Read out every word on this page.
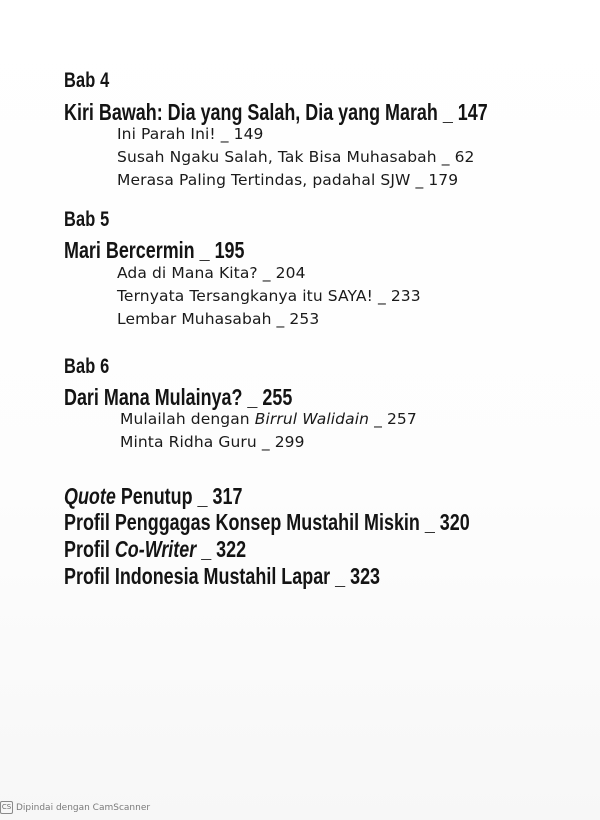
Bab 4
Kiri Bawah: Dia yang Salah, Dia yang Marah _ 147
Ini Parah Ini! _ 149
Susah Ngaku Salah, Tak Bisa Muhasabah _ 62
Merasa Paling Tertindas, padahal SJW _ 179
Bab 5
Mari Bercermin _ 195
Ada di Mana Kita? _ 204
Ternyata Tersangkanya itu SAYA! _ 233
Lembar Muhasabah _ 253
Bab 6
Dari Mana Mulainya? _ 255
Mulailah dengan Birrul Walidain _ 257
Minta Ridha Guru _ 299
Quote Penutup _ 317
Profil Penggagas Konsep Mustahil Miskin _ 320
Profil Co-Writer _ 322
Profil Indonesia Mustahil Lapar _ 323
CS Dipindai dengan CamScanner
